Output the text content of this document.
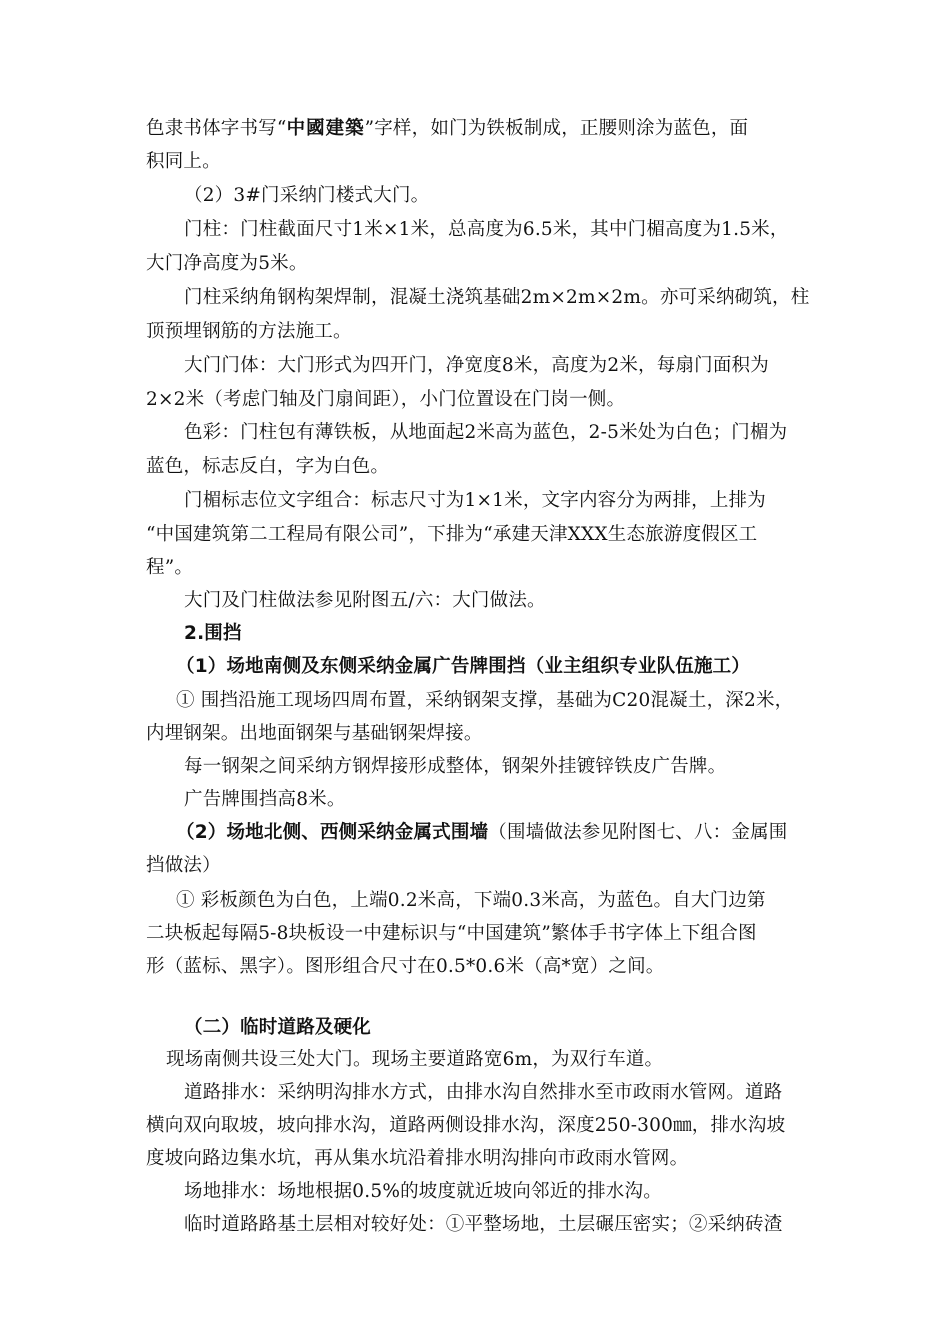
色隶书体字书写“中國建築”字样，如门为铁板制成，正腰则涂为蓝色，面
积同上。
（2）3#门采纳门楼式大门。
门柱：门柱截面尺寸1米×1米，总高度为6.5米，其中门楣高度为1.5米，
大门净高度为5米。
门柱采纳角钢构架焊制，混凝土浇筑基础2m×2m×2m。亦可采纳砌筑，柱
顶预埋钢筋的方法施工。
大门门体：大门形式为四开门，净宽度8米，高度为2米，每扇门面积为
2×2米（考虑门轴及门扇间距），小门位置设在门岗一侧。
色彩：门柱包有薄铁板，从地面起2米高为蓝色，2-5米处为白色；门楣为
蓝色，标志反白，字为白色。
门楣标志位文字组合：标志尺寸为1×1米，文字内容分为两排，上排为
“中国建筑第二工程局有限公司”，下排为“承建天津XXX生态旅游度假区工
程”。
大门及门柱做法参见附图五/六：大门做法。
2.围挡
（1）场地南侧及东侧采纳金属广告牌围挡（业主组织专业队伍施工）
① 围挡沿施工现场四周布置，采纳钢架支撑，基础为C20混凝土，深2米，
内埋钢架。出地面钢架与基础钢架焊接。
每一钢架之间采纳方钢焊接形成整体，钢架外挂镀锌铁皮广告牌。
广告牌围挡高8米。
（2）场地北侧、西侧采纳金属式围墙（围墙做法参见附图七、八：金属围
挡做法）
① 彩板颜色为白色，上端0.2米高，下端0.3米高，为蓝色。自大门边第
二块板起每隔5-8块板设一中建标识与“中国建筑”繁体手书字体上下组合图
形（蓝标、黑字）。图形组合尺寸在0.5*0.6米（高*宽）之间。
（二）临时道路及硬化
现场南侧共设三处大门。现场主要道路宽6m，为双行车道。
道路排水：采纳明沟排水方式，由排水沟自然排水至市政雨水管网。道路
横向双向取坡，坡向排水沟，道路两侧设排水沟，深度250-300㎜，排水沟坡
度坡向路边集水坑，再从集水坑沿着排水明沟排向市政雨水管网。
场地排水：场地根据0.5%的坡度就近坡向邻近的排水沟。
临时道路路基土层相对较好处：①平整场地，土层碾压密实；②采纳砖渣
